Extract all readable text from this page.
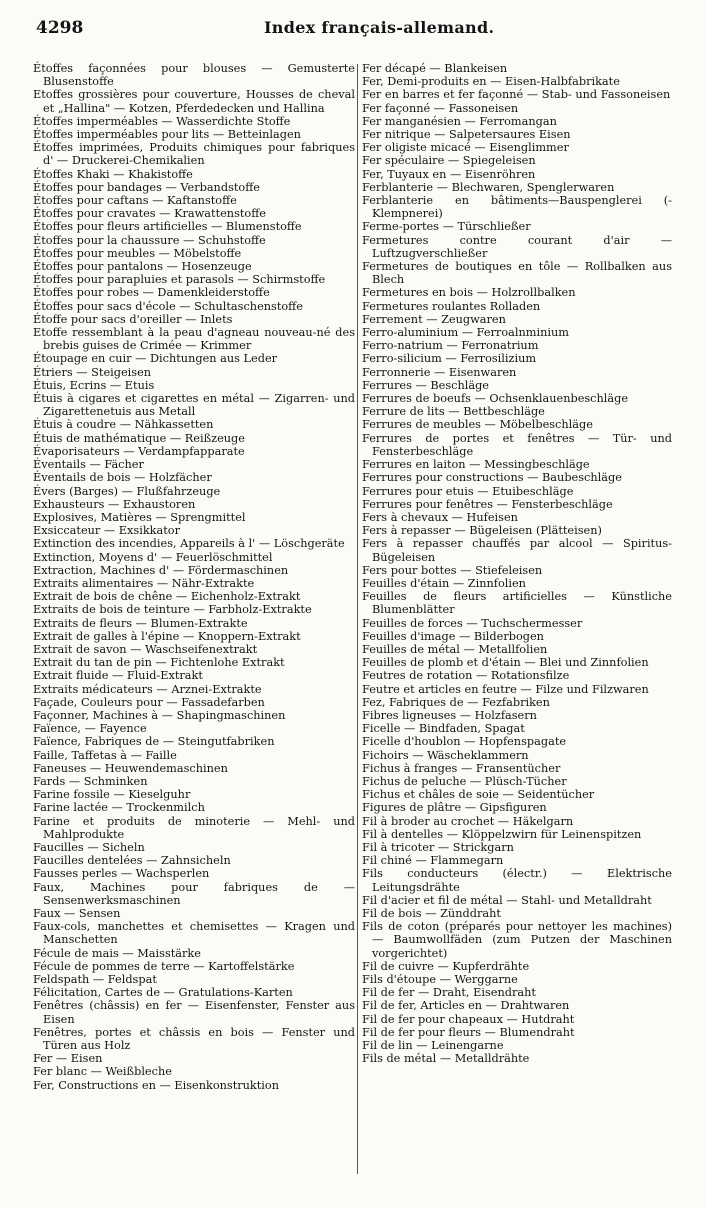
4298	Index français-allemand.
Étoffes façonnées pour blouses — Gemusterte Blusenstoffe
Etoffes grossières pour couverture, Housses de cheval et „Hallina" — Kotzen, Pferdedecken und Hallina
Étoffes imperméables — Wasserdichte Stoffe
Étoffes imperméables pour lits — Betteinlagen
Étoffes imprimées, Produits chimiques pour fabriques d' — Druckerei-Chemikalien
Étoffes Khaki — Khakistoffe
Étoffes pour bandages — Verbandstoffe
Étoffes pour caftans — Kaftanstoffe
Étoffes pour cravates — Krawattenstoffe
Étoffes pour fleurs artificielles — Blumenstoffe
Étoffes pour la chaussure — Schuhstoffe
Étoffes pour meubles — Möbelstoffe
Étoffes pour pantalons — Hosenzeuge
Étoffes pour parapluies et parasols — Schirmstoffe
Étoffes pour robes — Damenkleiderstoffe
Étoffes pour sacs d'école — Schultaschenstoffe
Étoffe pour sacs d'oreiller — Inlets
Etoffe ressemblant à la peau d'agneau nouveau-né des brebis guises de Crimée — Krimmer
Étoupage en cuir — Dichtungen aus Leder
Étriers — Steigeisen
Étuis, Ecrins — Etuis
Étuis à cigares et cigarettes en métal — Zigarren- und Zigarettenetuis aus Metall
Étuis à coudre — Nähkassetten
Étuis de mathématique — Reißzeuge
Évaporisateurs — Verdampfapparate
Éventails — Fächer
Éventails de bois — Holzfächer
Évers (Barges) — Flußfahrzeuge
Exhausteurs — Exhaustoren
Explosives, Matières — Sprengmittel
Exsiccateur — Exsikkator
Extinction des incendies, Appareils à l' — Löschgeräte
Extinction, Moyens d' — Feuerlöschmittel
Extraction, Machines d' — Fördermaschinen
Extraits alimentaires — Nähr-Extrakte
Extrait de bois de chêne — Eichenholz-Extrakt
Extraits de bois de teinture — Farbholz-Extrakte
Extraits de fleurs — Blumen-Extrakte
Extrait de galles à l'épine — Knoppern-Extrakt
Extrait de savon — Waschseifenextrakt
Extrait du tan de pin — Fichtenlohe Extrakt
Extrait fluide — Fluid-Extrakt
Extraits médicateurs — Arznei-Extrakte
Façade, Couleurs pour — Fassadefarben
Façonner, Machines à — Shapingmaschinen
Faïence, — Fayence
Faïence, Fabriques de — Steingutfabriken
Faille, Taffetas à — Faille
Faneuses — Heuwendemaschinen
Fards — Schminken
Farine fossile — Kieselguhr
Farine lactée — Trockenmilch
Farine et produits de minoterie — Mehl- und Mahlprodukte
Faucilles — Sicheln
Faucilles dentelées — Zahnsicheln
Fausses perles — Wachsperlen
Faux, Machines pour fabriques de — Sensenwerksmaschinen
Faux — Sensen
Faux-cols, manchettes et chemisettes — Kragen und Manschetten
Fécule de mais — Maisstärke
Fécule de pommes de terre — Kartoffelstärke
Feldspath — Feldspat
Félicitation, Cartes de — Gratulations-Karten
Fenêtres (châssis) en fer — Eisenfenster, Fenster aus Eisen
Fenêtres, portes et châssis en bois — Fenster und Türen aus Holz
Fer — Eisen
Fer blanc — Weißbleche
Fer, Constructions en — Eisenkonstruktion
Fer décapé — Blankeisen
Fer, Demi-produits en — Eisen-Halbfabrikate
Fer en barres et fer façonné — Stab- und Fassoneisen
Fer façonné — Fassoneisen
Fer manganésien — Ferromangan
Fer nitrique — Salpetersaures Eisen
Fer oligiste micacé — Eisenglimmer
Fer spéculaire — Spiegeleisen
Fer, Tuyaux en — Eisenröhren
Ferblanterie — Blechwaren, Spenglerwaren
Ferblanterie en bâtiments—Bauspenglerei (-Klempnerei)
Ferme-portes — Türschließer
Fermetures contre courant d'air — Luftzugverschließer
Fermetures de boutiques en tôle — Rollbalken aus Blech
Fermetures en bois — Holzrollbalken
Fermetures roulantes Rolladen
Ferrement — Zeugwaren
Ferro-aluminium — Ferroalnminium
Ferro-natrium — Ferronatrium
Ferro-silicium — Ferrosilizium
Ferronnerie — Eisenwaren
Ferrures — Beschläge
Ferrures de boeufs — Ochsenklauenbeschläge
Ferrure de lits — Bettbeschläge
Ferrures de meubles — Möbelbeschläge
Ferrures de portes et fenêtres — Tür- und Fensterbeschläge
Ferrures en laiton — Messingbeschläge
Ferrures pour constructions — Baubeschläge
Ferrures pour etuis — Etuibeschläge
Ferrures pour fenêtres — Fensterbeschläge
Fers à chevaux — Hufeisen
Fers à repasser — Bügeleisen (Plätteisen)
Fers à repasser chauffés par alcool — Spiritus-Bügeleisen
Fers pour bottes — Stiefeleisen
Feuilles d'étain — Zinnfolien
Feuilles de fleurs artificielles — Künstliche Blumenblätter
Feuilles de forces — Tuchschermesser
Feuilles d'image — Bilderbogen
Feuilles de métal — Metallfolien
Feuilles de plomb et d'étain — Blei und Zinnfolien
Feutres de rotation — Rotationsfilze
Feutre et articles en feutre — Filze und Filzwaren
Fez, Fabriques de — Fezfabriken
Fibres ligneuses — Holzfasern
Ficelle — Bindfaden, Spagat
Ficelle d'houblon — Hopfenspagate
Fichoirs — Wäscheklammern
Fichus à franges — Fransentücher
Fichus de peluche — Plüsch-Tücher
Fichus et châles de soie — Seidentücher
Figures de plâtre — Gipsfiguren
Fil à broder au crochet — Häkelgarn
Fil à dentelles — Klöppelzwirn für Leinenspitzen
Fil à tricoter — Strickgarn
Fil chiné — Flammegarn
Fils conducteurs (électr.) — Elektrische Leitungsdrähte
Fil d'acier et fil de métal — Stahl- und Metalldraht
Fil de bois — Zünddraht
Fils de coton (préparés pour nettoyer les machines) — Baumwollfäden (zum Putzen der Maschinen vorgerichtet)
Fil de cuivre — Kupferdrähte
Fils d'étoupe — Werggarne
Fil de fer — Draht, Eisendraht
Fil de fer, Articles en — Drahtwaren
Fil de fer pour chapeaux — Hutdraht
Fil de fer pour fleurs — Blumendraht
Fil de lin — Leinengarne
Fils de métal — Metalldrähte
